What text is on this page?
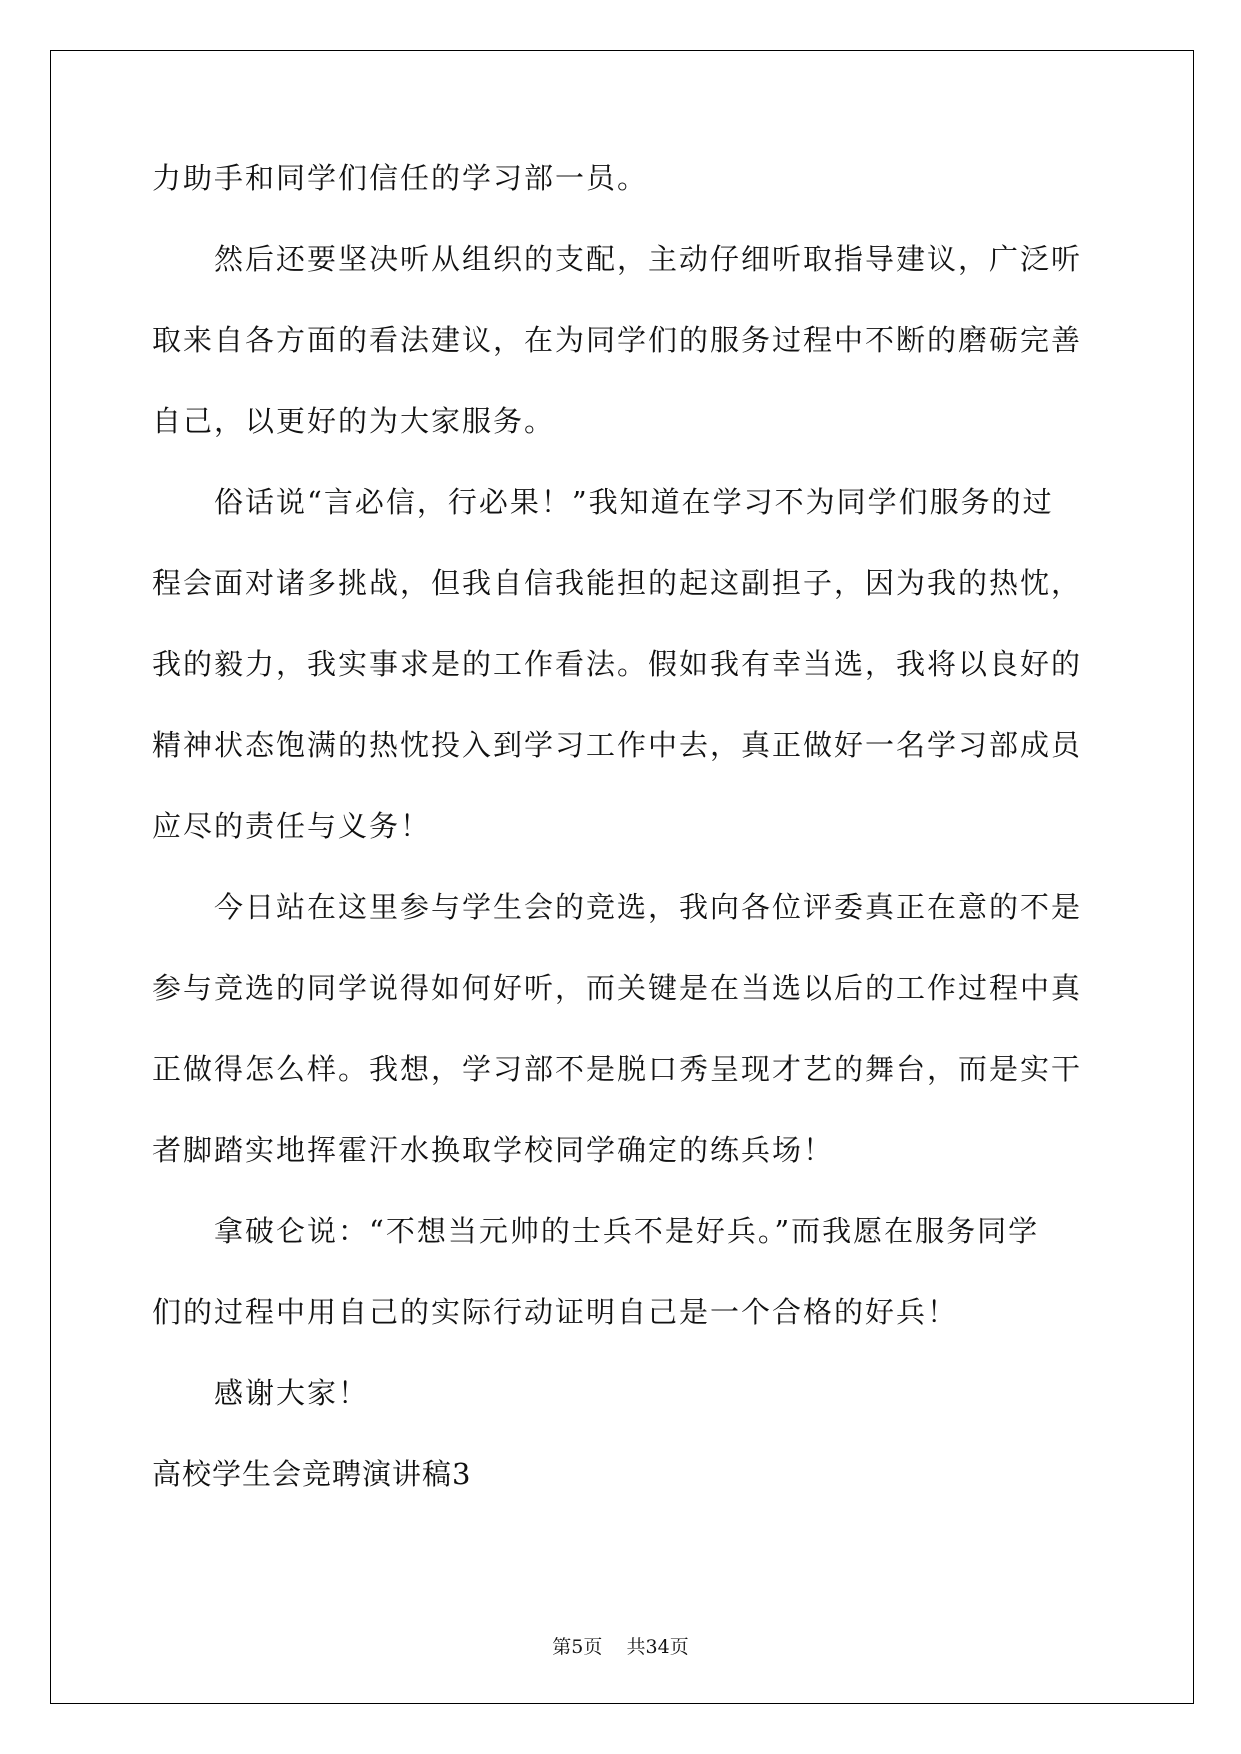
力助手和同学们信任的学习部一员。
然后还要坚决听从组织的支配，主动仔细听取指导建议，广泛听
取来自各方面的看法建议，在为同学们的服务过程中不断的磨砺完善
自己，以更好的为大家服务。
俗话说“言必信，行必果！”我知道在学习不为同学们服务的过
程会面对诸多挑战，但我自信我能担的起这副担子，因为我的热忱，
我的毅力，我实事求是的工作看法。假如我有幸当选，我将以良好的
精神状态饱满的热忱投入到学习工作中去，真正做好一名学习部成员
应尽的责任与义务！
今日站在这里参与学生会的竞选，我向各位评委真正在意的不是
参与竞选的同学说得如何好听，而关键是在当选以后的工作过程中真
正做得怎么样。我想，学习部不是脱口秀呈现才艺的舞台，而是实干
者脚踏实地挥霍汗水换取学校同学确定的练兵场！
拿破仑说：“不想当元帅的士兵不是好兵。”而我愿在服务同学
们的过程中用自己的实际行动证明自己是一个合格的好兵！
感谢大家！
高校学生会竞聘演讲稿3
第5页 共34页
